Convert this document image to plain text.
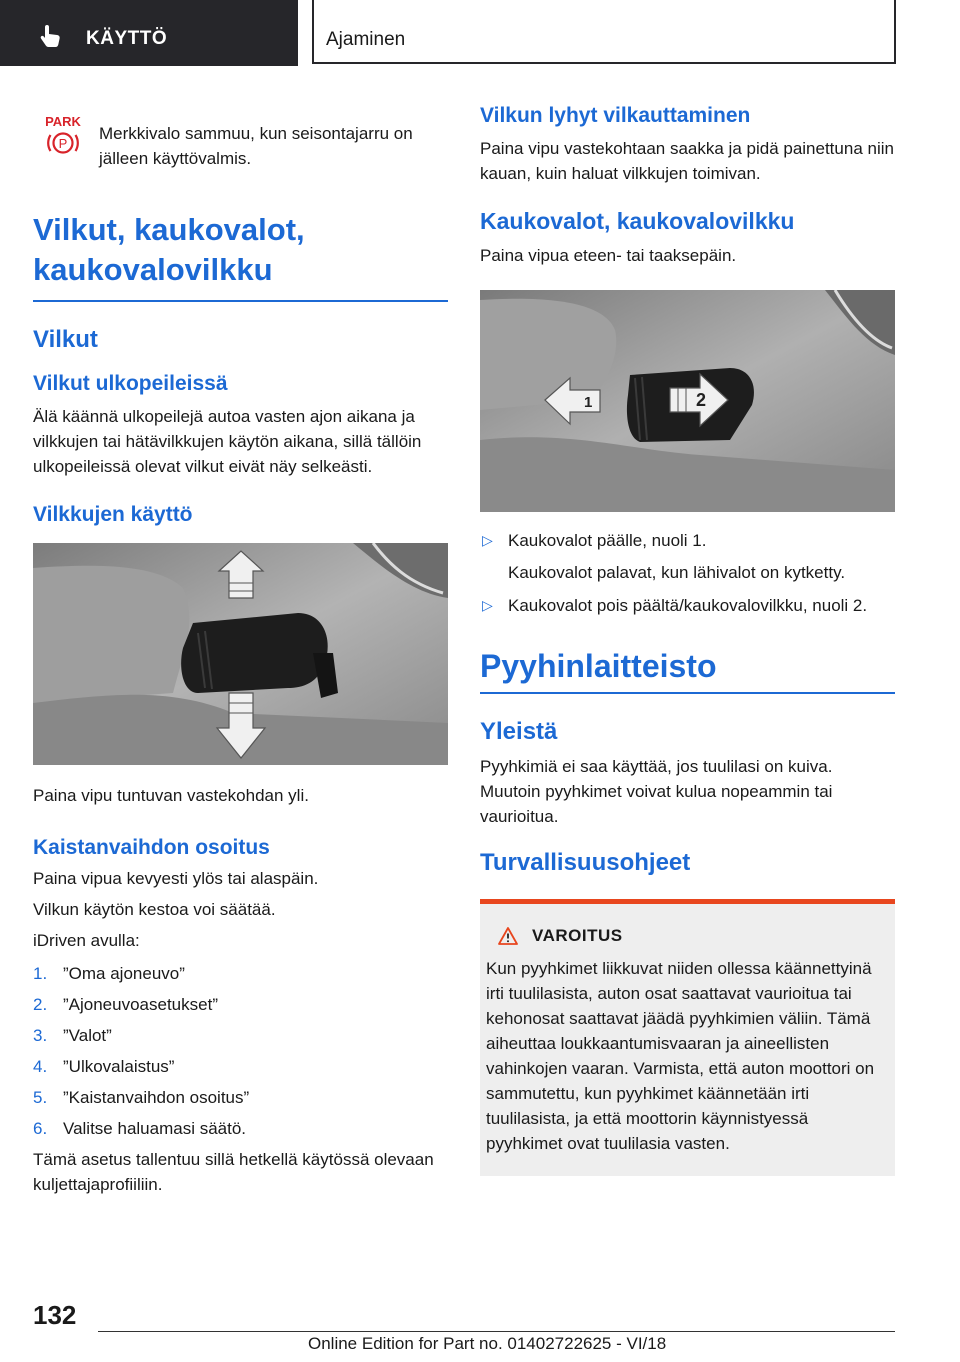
KÄYTTÖ	Ajaminen
PARK
P

Merkkivalo sammuu, kun seisontajarru on jälleen käyttövalmis.

Vilkut, kaukovalot, kaukovalovilkku
Vilkut
Vilkut ulkopeileissä

Älä käännä ulkopeilejä autoa vasten ajon aikana ja vilkkujen tai hätävilkkujen käytön aikana, sillä tällöin ulkopeileissä olevat vilkut eivät näy selkeästi.

Vilkkujen käyttö

Paina vipu tuntuvan vastekohdan yli.

Kaistanvaihdon osoitus

Paina vipua kevyesti ylös tai alaspäin.

Vilkun käytön kestoa voi säätää.

iDriven avulla:

1. ”Oma ajoneuvo”
2. ”Ajoneuvoasetukset”
3. ”Valot”
4. ”Ulkovalaistus”
5. ”Kaistanvaihdon osoitus”
6. Valitse haluamasi säätö.

Tämä asetus tallentuu sillä hetkellä käytössä olevaan kuljettajaprofiiliin.

Vilkun lyhyt vilkauttaminen

Paina vipu vastekohtaan saakka ja pidä painettuna niin kauan, kuin haluat vilkkujen toimivan.

Kaukovalot, kaukovalovilkku

Paina vipua eteen- tai taaksepäin.

1	2
▷ Kaukovalot päälle, nuoli 1.
Kaukovalot palavat, kun lähivalot on kytketty.
▷ Kaukovalot pois päältä/kaukovalovilkku, nuoli 2.
Pyyhinlaitteisto
Yleistä

Pyyhkimiä ei saa käyttää, jos tuulilasi on kuiva. Muutoin pyyhkimet voivat kulua nopeammin tai vaurioitua.

Turvallisuusohjeet
VAROITUS

Kun pyyhkimet liikkuvat niiden ollessa käännettyinä irti tuulilasista, auton osat saattavat vaurioitua tai kehonosat saattavat jäädä pyyhkimien väliin. Tämä aiheuttaa loukkaantumisvaaran ja aineellisten vahinkojen vaaran. Varmista, että auton moottori on sammutettu, kun pyyhkimet käännetään irti tuulilasista, ja että moottorin käynnistyessä pyyhkimet ovat tuulilasia vasten.

132
Online Edition for Part no. 01402722625 - VI/18
